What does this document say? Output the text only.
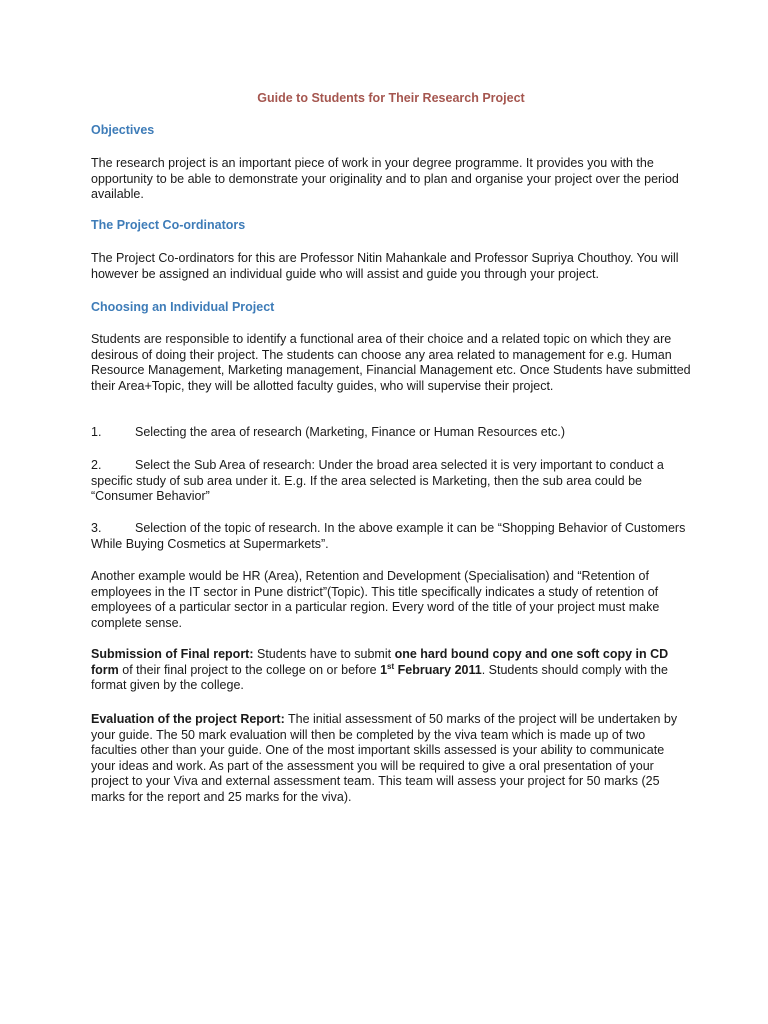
Guide to Students for Their Research Project
Objectives

The research project is an important piece of work in your degree programme. It provides you with the opportunity to be able to demonstrate your originality and to plan and organise your project over the period available.

The Project Co-ordinators

The Project Co-ordinators for this are Professor Nitin Mahankale and Professor Supriya Chouthoy. You will however be assigned an individual guide who will assist and guide you through your project.

Choosing an Individual Project

Students are responsible to identify a functional area of their choice and a related topic on which they are desirous of doing their project. The students can choose any area related to management for e.g. Human Resource Management, Marketing management, Financial Management etc. Once Students have submitted their Area+Topic, they will be allotted faculty guides, who will supervise their project.

1.	Selecting the area of research (Marketing, Finance or Human Resources etc.)

2.	Select the Sub Area of research: Under the broad area selected it is very important to conduct a specific study of sub area under it. E.g. If the area selected is Marketing, then the sub area could be “Consumer Behavior”

3.	Selection of the topic of research. In the above example it can be “Shopping Behavior of Customers While Buying Cosmetics at Supermarkets”.

Another example would be HR (Area), Retention and Development (Specialisation) and “Retention of employees in the IT sector in Pune district”(Topic). This title specifically indicates a study of retention of employees of a particular sector in a particular region. Every word of the title of your project must make complete sense.

Submission of Final report: Students have to submit one hard bound copy and one soft copy in CD form of their final project to the college on or before 1st February 2011. Students should comply with the format given by the college.

Evaluation of the project Report: The initial assessment of 50 marks of the project will be undertaken by your guide. The 50 mark evaluation will then be completed by the viva team which is made up of two faculties other than your guide. One of the most important skills assessed is your ability to communicate your ideas and work. As part of the assessment you will be required to give a oral presentation of your project to your Viva and external assessment team. This team will assess your project for 50 marks (25 marks for the report and 25 marks for the viva).
